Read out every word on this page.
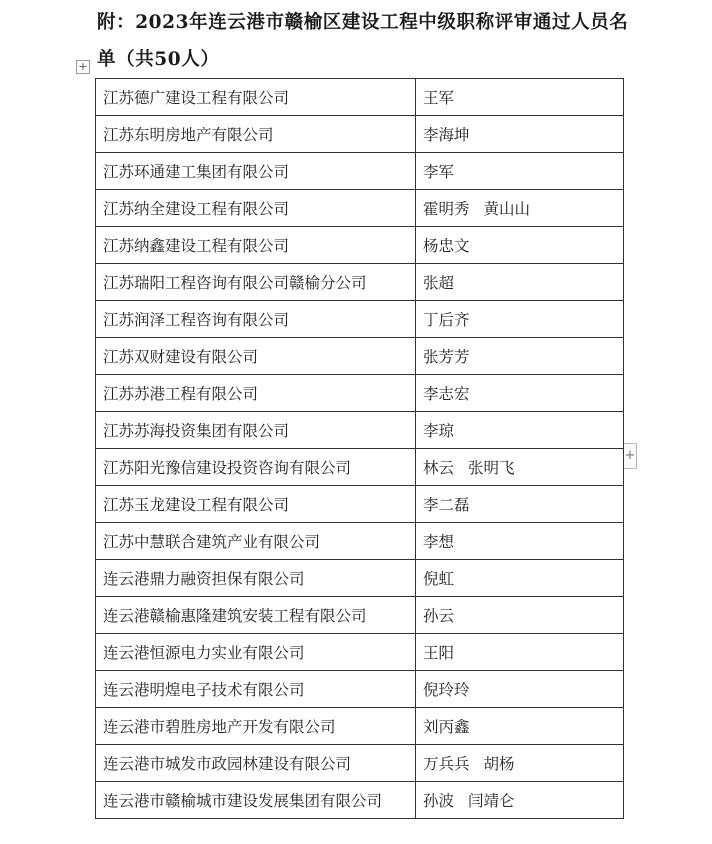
附：2023年连云港市赣榆区建设工程中级职称评审通过人员名单（共50人）
+
+
江苏德广建设工程有限公司	王军
江苏东明房地产有限公司	李海坤
江苏环通建工集团有限公司	李军
江苏纳全建设工程有限公司	霍明秀 黄山山
江苏纳鑫建设工程有限公司	杨忠文
江苏瑞阳工程咨询有限公司赣榆分公司	张超
江苏润泽工程咨询有限公司	丁后齐
江苏双财建设有限公司	张芳芳
江苏苏港工程有限公司	李志宏
江苏苏海投资集团有限公司	李琼
江苏阳光豫信建设投资咨询有限公司	林云 张明飞
江苏玉龙建设工程有限公司	李二磊
江苏中慧联合建筑产业有限公司	李想
连云港鼎力融资担保有限公司	倪虹
连云港赣榆惠隆建筑安装工程有限公司	孙云
连云港恒源电力实业有限公司	王阳
连云港明煌电子技术有限公司	倪玲玲
连云港市碧胜房地产开发有限公司	刘丙鑫
连云港市城发市政园林建设有限公司	万兵兵 胡杨
连云港市赣榆城市建设发展集团有限公司	孙波 闫靖仑
